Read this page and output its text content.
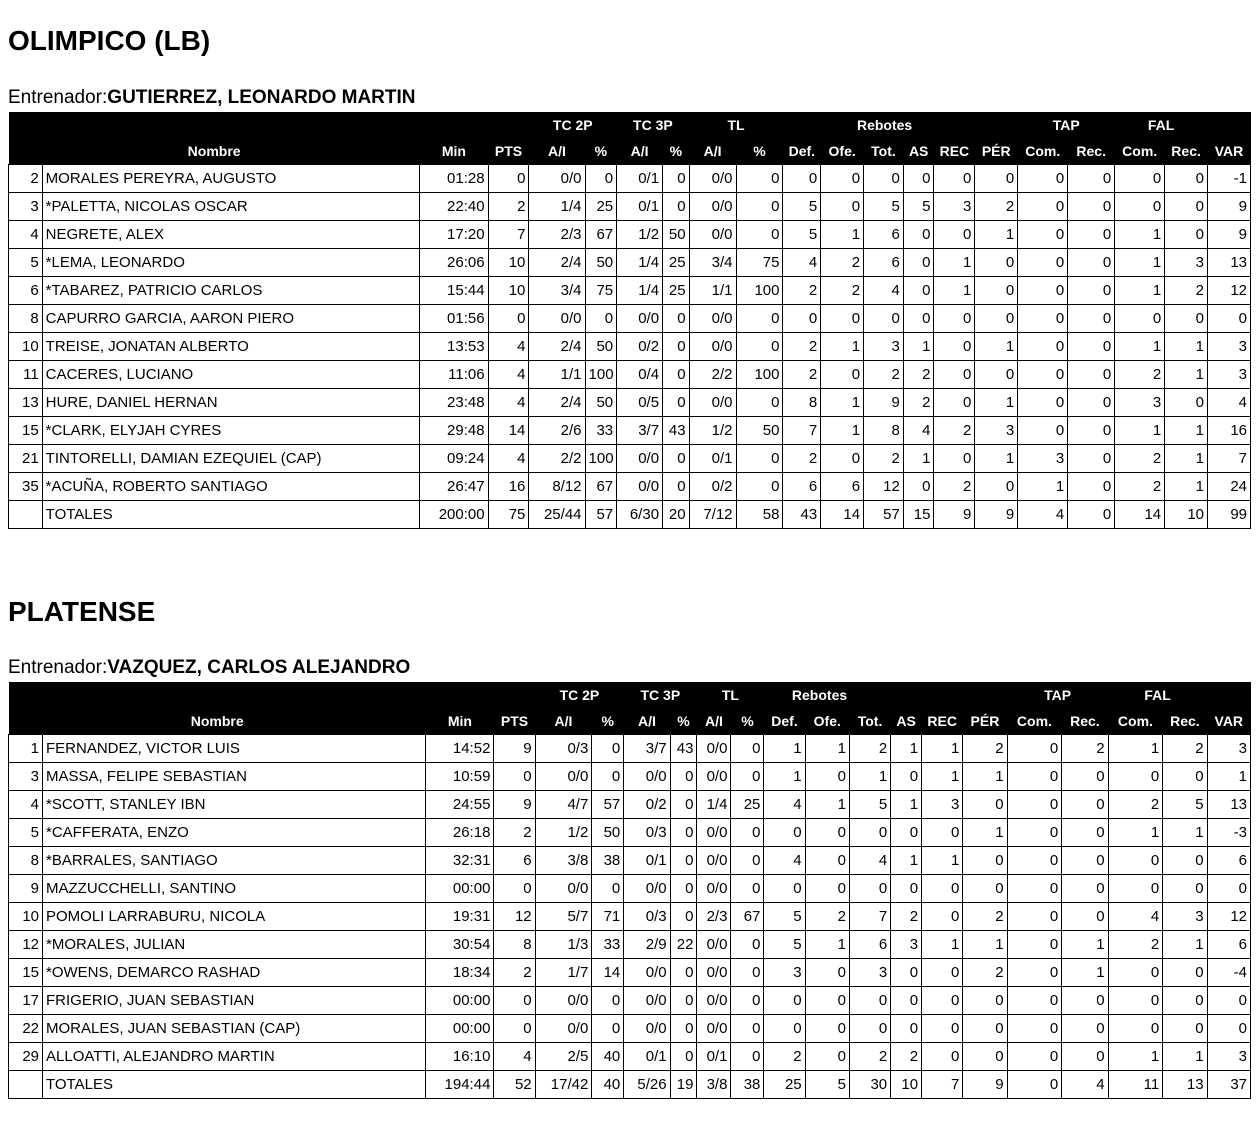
OLIMPICO (LB)
Entrenador:GUTIERREZ, LEONARDO MARTIN
				TC 2P		TC 3P		TL		Rebotes						TAP		FAL		
Nombre		Min	PTS	A/I	%	A/I	%	A/I	%	Def.	Ofe.	Tot.	AS	REC	PÉR	Com.	Rec.	Com.	Rec.	VAR
2	MORALES PEREYRA, AUGUSTO	01:28	0	0/0	0	0/1	0	0/0	0	0	0	0	0	0	0	0	0	0	0	-1
3	*PALETTA, NICOLAS OSCAR	22:40	2	1/4	25	0/1	0	0/0	0	5	0	5	5	3	2	0	0	0	0	9
4	NEGRETE, ALEX	17:20	7	2/3	67	1/2	50	0/0	0	5	1	6	0	0	1	0	0	1	0	9
5	*LEMA, LEONARDO	26:06	10	2/4	50	1/4	25	3/4	75	4	2	6	0	1	0	0	0	1	3	13
6	*TABAREZ, PATRICIO CARLOS	15:44	10	3/4	75	1/4	25	1/1	100	2	2	4	0	1	0	0	0	1	2	12
8	CAPURRO GARCIA, AARON PIERO	01:56	0	0/0	0	0/0	0	0/0	0	0	0	0	0	0	0	0	0	0	0	0
10	TREISE, JONATAN ALBERTO	13:53	4	2/4	50	0/2	0	0/0	0	2	1	3	1	0	1	0	0	1	1	3
11	CACERES, LUCIANO	11:06	4	1/1	100	0/4	0	2/2	100	2	0	2	2	0	0	0	0	2	1	3
13	HURE, DANIEL HERNAN	23:48	4	2/4	50	0/5	0	0/0	0	8	1	9	2	0	1	0	0	3	0	4
15	*CLARK, ELYJAH CYRES	29:48	14	2/6	33	3/7	43	1/2	50	7	1	8	4	2	3	0	0	1	1	16
21	TINTORELLI, DAMIAN EZEQUIEL (CAP)	09:24	4	2/2	100	0/0	0	0/1	0	2	0	2	1	0	1	3	0	2	1	7
35	*ACUÑA, ROBERTO SANTIAGO	26:47	16	8/12	67	0/0	0	0/2	0	6	6	12	0	2	0	1	0	2	1	24
	TOTALES	200:00	75	25/44	57	6/30	20	7/12	58	43	14	57	15	9	9	4	0	14	10	99
PLATENSE
Entrenador:VAZQUEZ, CARLOS ALEJANDRO
				TC 2P		TC 3P		TL		Rebotes						TAP		FAL		
Nombre		Min	PTS	A/I	%	A/I	%	A/I	%	Def.	Ofe.	Tot.	AS	REC	PÉR	Com.	Rec.	Com.	Rec.	VAR
1	FERNANDEZ, VICTOR LUIS	14:52	9	0/3	0	3/7	43	0/0	0	1	1	2	1	1	2	0	2	1	2	3
3	MASSA, FELIPE SEBASTIAN	10:59	0	0/0	0	0/0	0	0/0	0	1	0	1	0	1	1	0	0	0	0	1
4	*SCOTT, STANLEY IBN	24:55	9	4/7	57	0/2	0	1/4	25	4	1	5	1	3	0	0	0	2	5	13
5	*CAFFERATA, ENZO	26:18	2	1/2	50	0/3	0	0/0	0	0	0	0	0	0	1	0	0	1	1	-3
8	*BARRALES, SANTIAGO	32:31	6	3/8	38	0/1	0	0/0	0	4	0	4	1	1	0	0	0	0	0	6
9	MAZZUCCHELLI, SANTINO	00:00	0	0/0	0	0/0	0	0/0	0	0	0	0	0	0	0	0	0	0	0	0
10	POMOLI LARRABURU, NICOLA	19:31	12	5/7	71	0/3	0	2/3	67	5	2	7	2	0	2	0	0	4	3	12
12	*MORALES, JULIAN	30:54	8	1/3	33	2/9	22	0/0	0	5	1	6	3	1	1	0	1	2	1	6
15	*OWENS, DEMARCO RASHAD	18:34	2	1/7	14	0/0	0	0/0	0	3	0	3	0	0	2	0	1	0	0	-4
17	FRIGERIO, JUAN SEBASTIAN	00:00	0	0/0	0	0/0	0	0/0	0	0	0	0	0	0	0	0	0	0	0	0
22	MORALES, JUAN SEBASTIAN (CAP)	00:00	0	0/0	0	0/0	0	0/0	0	0	0	0	0	0	0	0	0	0	0	0
29	ALLOATTI, ALEJANDRO MARTIN	16:10	4	2/5	40	0/1	0	0/1	0	2	0	2	2	0	0	0	0	1	1	3
	TOTALES	194:44	52	17/42	40	5/26	19	3/8	38	25	5	30	10	7	9	0	4	11	13	37
